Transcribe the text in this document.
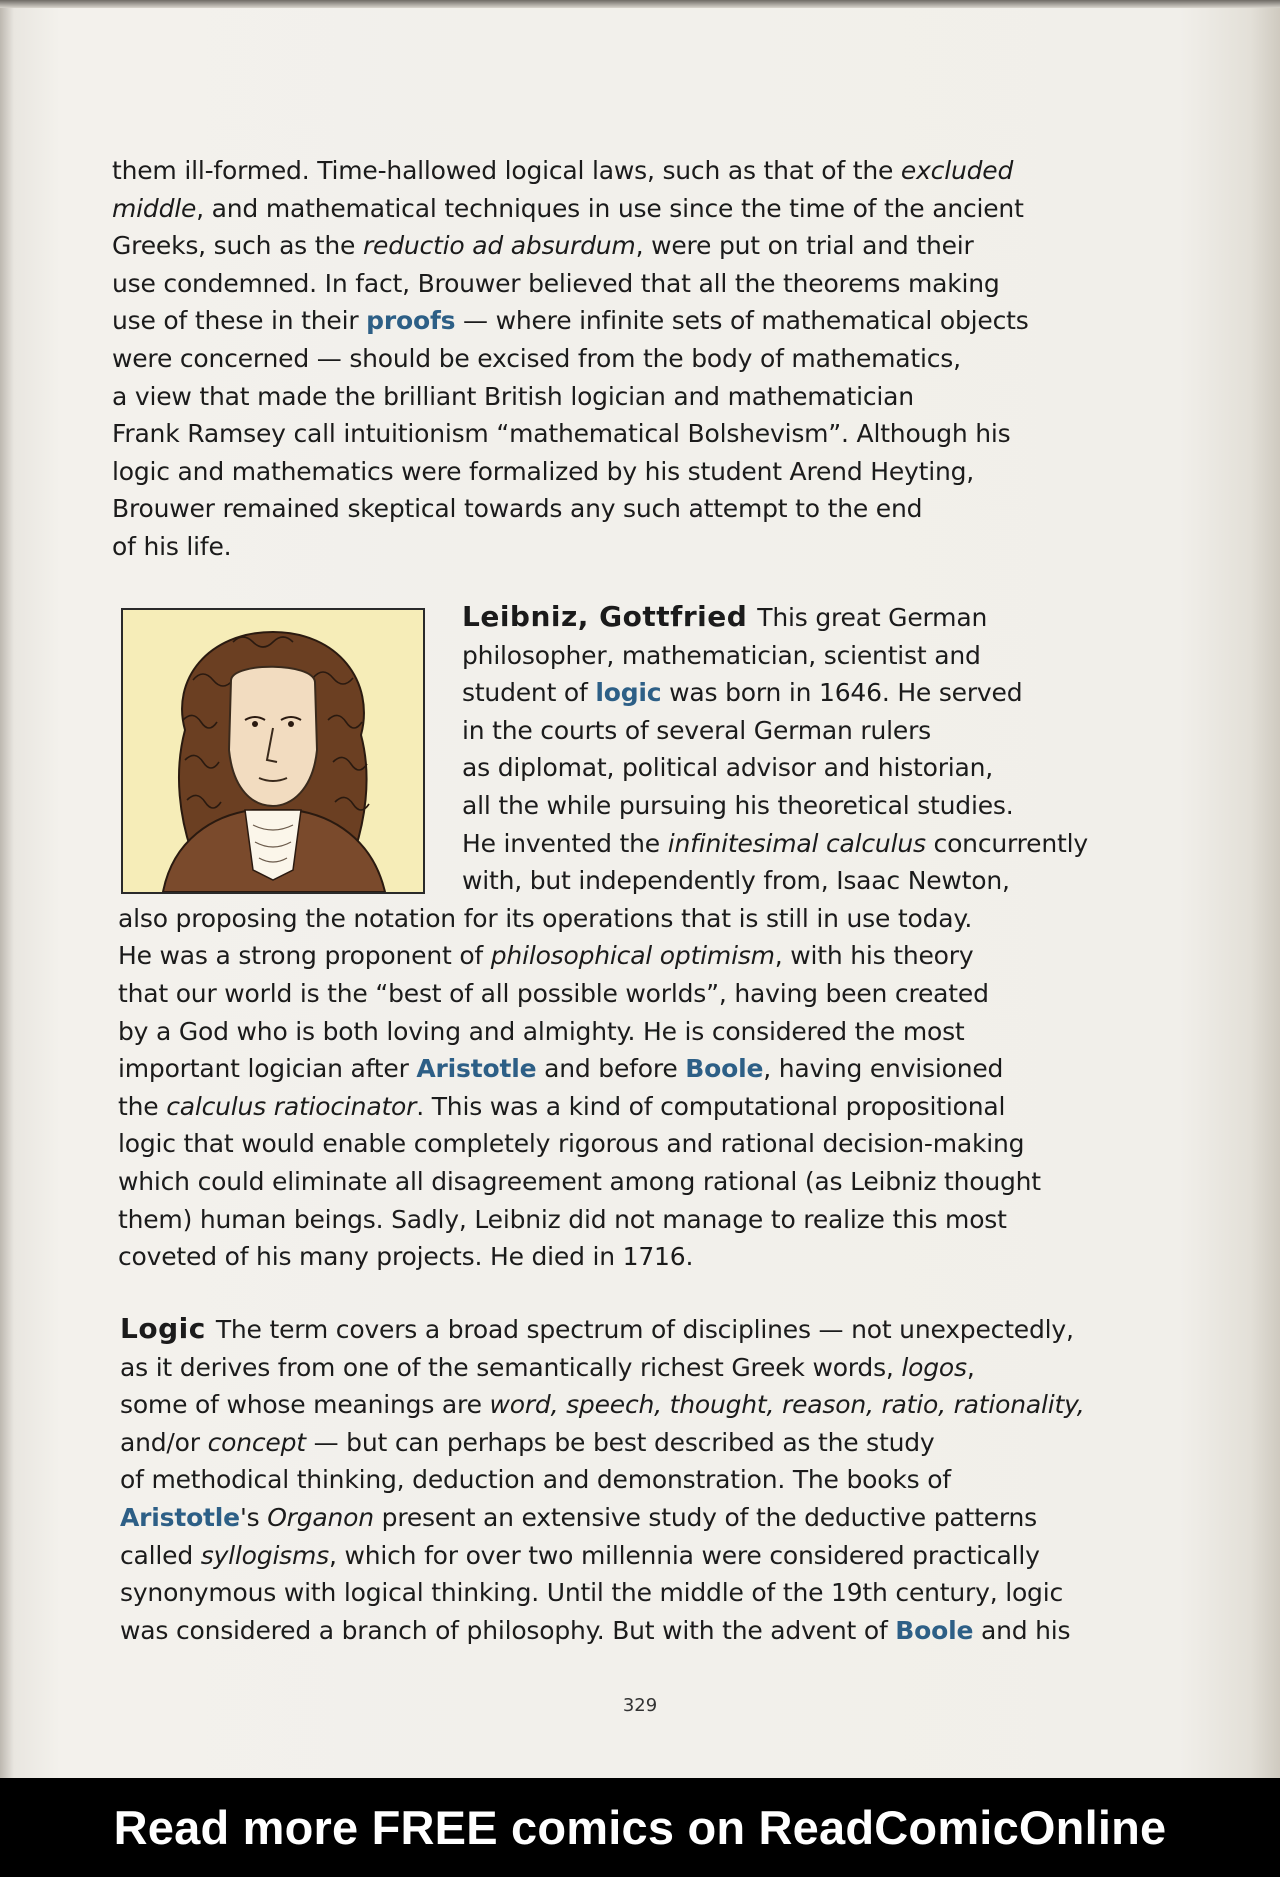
them ill-formed. Time-hallowed logical laws, such as that of the excluded
middle, and mathematical techniques in use since the time of the ancient
Greeks, such as the reductio ad absurdum, were put on trial and their
use condemned. In fact, Brouwer believed that all the theorems making
use of these in their proofs — where infinite sets of mathematical objects
were concerned — should be excised from the body of mathematics,
a view that made the brilliant British logician and mathematician
Frank Ramsey call intuitionism “mathematical Bolshevism”. Although his
logic and mathematics were formalized by his student Arend Heyting,
Brouwer remained skeptical towards any such attempt to the end
of his life.
Leibniz, Gottfried This great German
philosopher, mathematician, scientist and
student of logic was born in 1646. He served
in the courts of several German rulers
as diplomat, political advisor and historian,
all the while pursuing his theoretical studies.
He invented the infinitesimal calculus concurrently
with, but independently from, Isaac Newton,
also proposing the notation for its operations that is still in use today.
He was a strong proponent of philosophical optimism, with his theory
that our world is the “best of all possible worlds”, having been created
by a God who is both loving and almighty. He is considered the most
important logician after Aristotle and before Boole, having envisioned
the calculus ratiocinator. This was a kind of computational propositional
logic that would enable completely rigorous and rational decision-making
which could eliminate all disagreement among rational (as Leibniz thought
them) human beings. Sadly, Leibniz did not manage to realize this most
coveted of his many projects. He died in 1716.
Logic The term covers a broad spectrum of disciplines — not unexpectedly,
as it derives from one of the semantically richest Greek words, logos,
some of whose meanings are word, speech, thought, reason, ratio, rationality,
and/or concept — but can perhaps be best described as the study
of methodical thinking, deduction and demonstration. The books of
Aristotle's Organon present an extensive study of the deductive patterns
called syllogisms, which for over two millennia were considered practically
synonymous with logical thinking. Until the middle of the 19th century, logic
was considered a branch of philosophy. But with the advent of Boole and his
329
Read more FREE comics on ReadComicOnline
